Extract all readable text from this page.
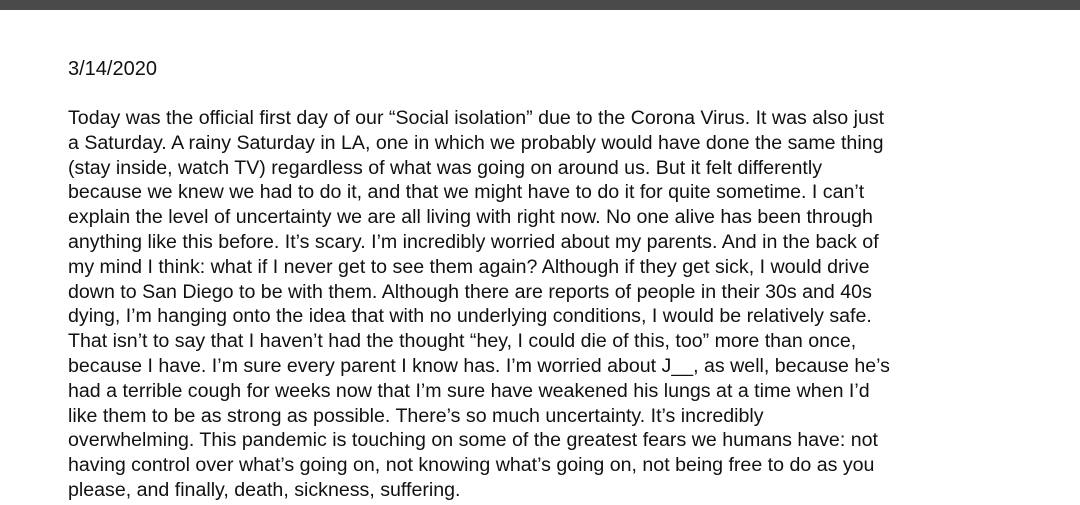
3/14/2020

Today was the official first day of our “Social isolation” due to the Corona Virus. It was also just
a Saturday. A rainy Saturday in LA, one in which we probably would have done the same thing
(stay inside, watch TV) regardless of what was going on around us. But it felt differently
because we knew we had to do it, and that we might have to do it for quite sometime. I can’t
explain the level of uncertainty we are all living with right now. No one alive has been through
anything like this before. It’s scary. I’m incredibly worried about my parents. And in the back of
my mind I think: what if I never get to see them again? Although if they get sick, I would drive
down to San Diego to be with them. Although there are reports of people in their 30s and 40s
dying, I’m hanging onto the idea that with no underlying conditions, I would be relatively safe.
That isn’t to say that I haven’t had the thought “hey, I could die of this, too” more than once,
because I have. I’m sure every parent I know has. I’m worried about J__, as well, because he’s
had a terrible cough for weeks now that I’m sure have weakened his lungs at a time when I’d
like them to be as strong as possible. There’s so much uncertainty. It’s incredibly
overwhelming. This pandemic is touching on some of the greatest fears we humans have: not
having control over what’s going on, not knowing what’s going on, not being free to do as you
please, and finally, death, sickness, suffering.
